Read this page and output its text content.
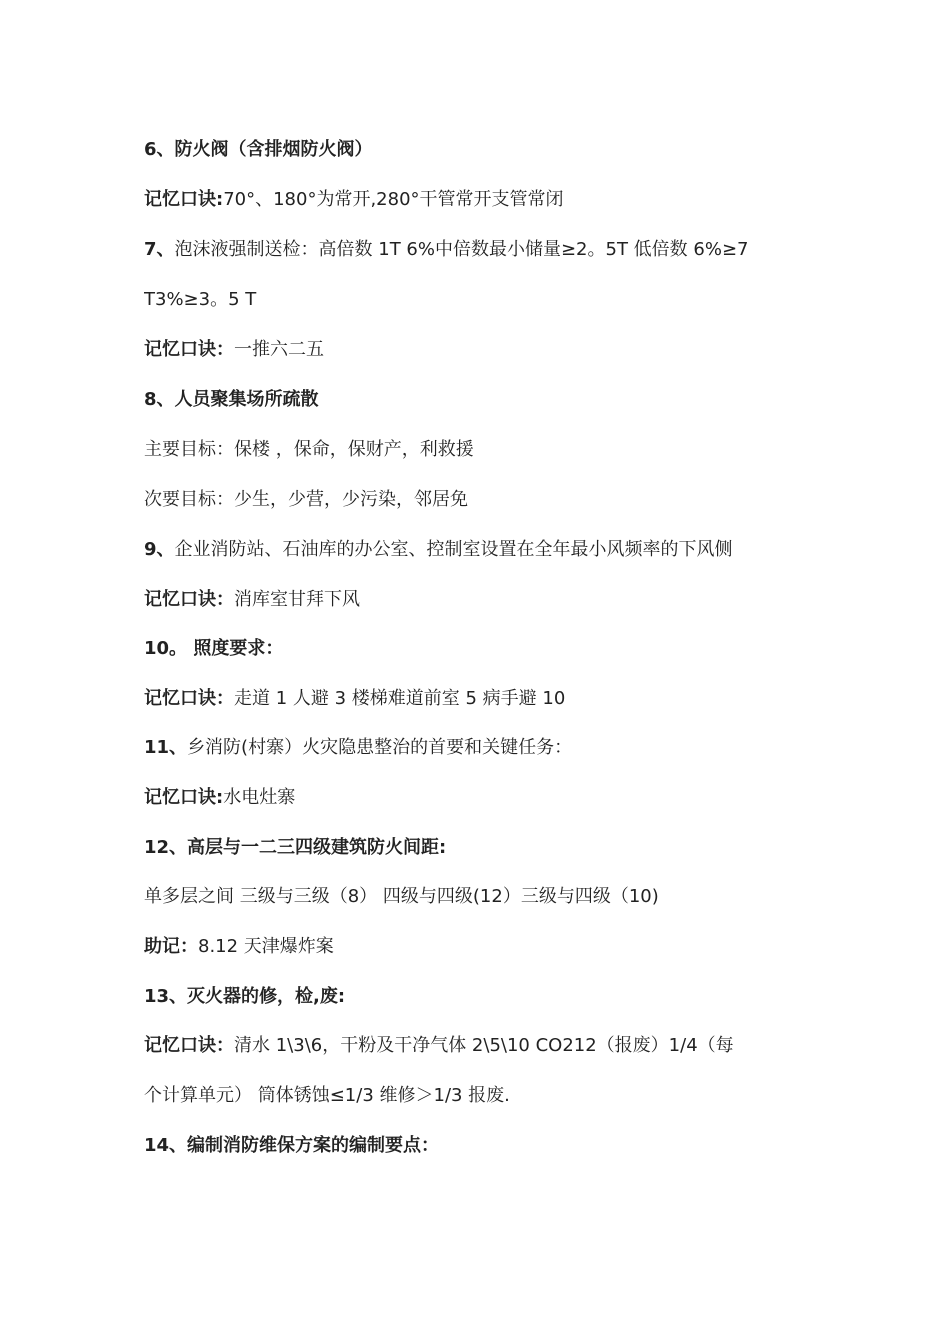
6、防火阀（含排烟防火阀）
记忆口诀:70°、180°为常开,280°干管常开支管常闭
7、泡沫液强制送检：高倍数 1T 6%中倍数最小储量≥2。5T 低倍数 6%≥7
T3%≥3。5 T
记忆口诀：一推六二五
8、人员聚集场所疏散
主要目标：保楼 ，保命，保财产，利救援
次要目标：少生，少营，少污染，邻居免
9、企业消防站、石油库的办公室、控制室设置在全年最小风频率的下风侧
记忆口诀：消库室甘拜下风
10。 照度要求：
记忆口诀：走道 1 人避 3 楼梯难道前室 5 病手避 10
11、乡消防(村寨）火灾隐患整治的首要和关键任务：
记忆口诀:水电灶寨
12、高层与一二三四级建筑防火间距:
单多层之间 三级与三级（8） 四级与四级(12）三级与四级（10)
助记：8.12 天津爆炸案
13、灭火器的修，检,废:
记忆口诀：清水 1\3\6，干粉及干净气体 2\5\10 CO212（报废）1/4（每
个计算单元） 筒体锈蚀≤1/3 维修＞1/3 报废.
14、编制消防维保方案的编制要点：
